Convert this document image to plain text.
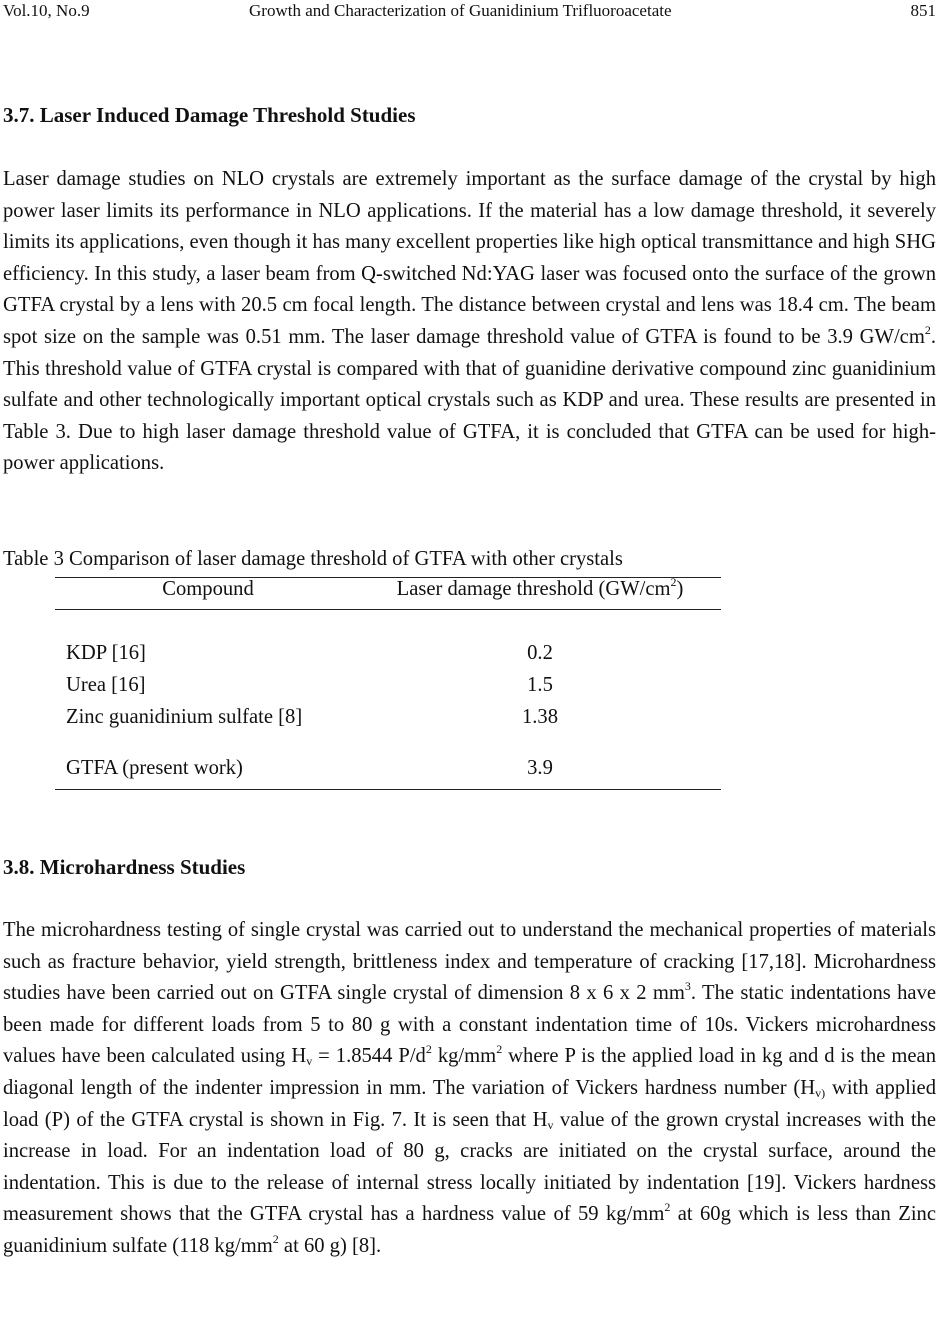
Vol.10, No.9	Growth and Characterization of Guanidinium Trifluoroacetate	851
3.7. Laser Induced Damage Threshold Studies
Laser damage studies on NLO crystals are extremely important as the surface damage of the crystal by high power laser limits its performance in NLO applications. If the material has a low damage threshold, it severely limits its applications, even though it has many excellent properties like high optical transmittance and high SHG efficiency. In this study, a laser beam from Q-switched Nd:YAG laser was focused onto the surface of the grown GTFA crystal by a lens with 20.5 cm focal length. The distance between crystal and lens was 18.4 cm. The beam spot size on the sample was 0.51 mm. The laser damage threshold value of GTFA is found to be 3.9 $GW/cm^2$. This threshold value of GTFA crystal is compared with that of guanidine derivative compound zinc guanidinium sulfate and other technologically important optical crystals such as KDP and urea. These results are presented in Table 3. Due to high laser damage threshold value of GTFA, it is concluded that GTFA can be used for high-power applications.
Table 3 Comparison of laser damage threshold of GTFA with other crystals
Compound	Laser damage threshold $(GW/cm^2)$
KDP [16]	0.2
Urea [16]	1.5
Zinc guanidinium sulfate [8]	1.38
GTFA (present work)	3.9
3.8. Microhardness Studies
The microhardness testing of single crystal was carried out to understand the mechanical properties of materials such as fracture behavior, yield strength, brittleness index and temperature of cracking [17,18]. Microhardness studies have been carried out on GTFA single crystal of dimension 8 x 6 x 2 $mm^3$. The static indentations have been made for different loads from 5 to 80 g with a constant indentation time of 10s. Vickers microhardness values have been calculated using $H_v = 1.8544$ $P/d^2$ $kg/mm^2$ where P is the applied load in kg and d is the mean diagonal length of the indenter impression in mm. The variation of Vickers hardness number ($H_{v)}$ with applied load (P) of the GTFA crystal is shown in Fig. 7. It is seen that $H_v$ value of the grown crystal increases with the increase in load. For an indentation load of 80 g, cracks are initiated on the crystal surface, around the indentation. This is due to the release of internal stress locally initiated by indentation [19]. Vickers hardness measurement shows that the GTFA crystal has a hardness value of 59 $kg/mm^2$ at 60g which is less than Zinc guanidinium sulfate (118 $kg/mm^2$ at 60 g) [8].
